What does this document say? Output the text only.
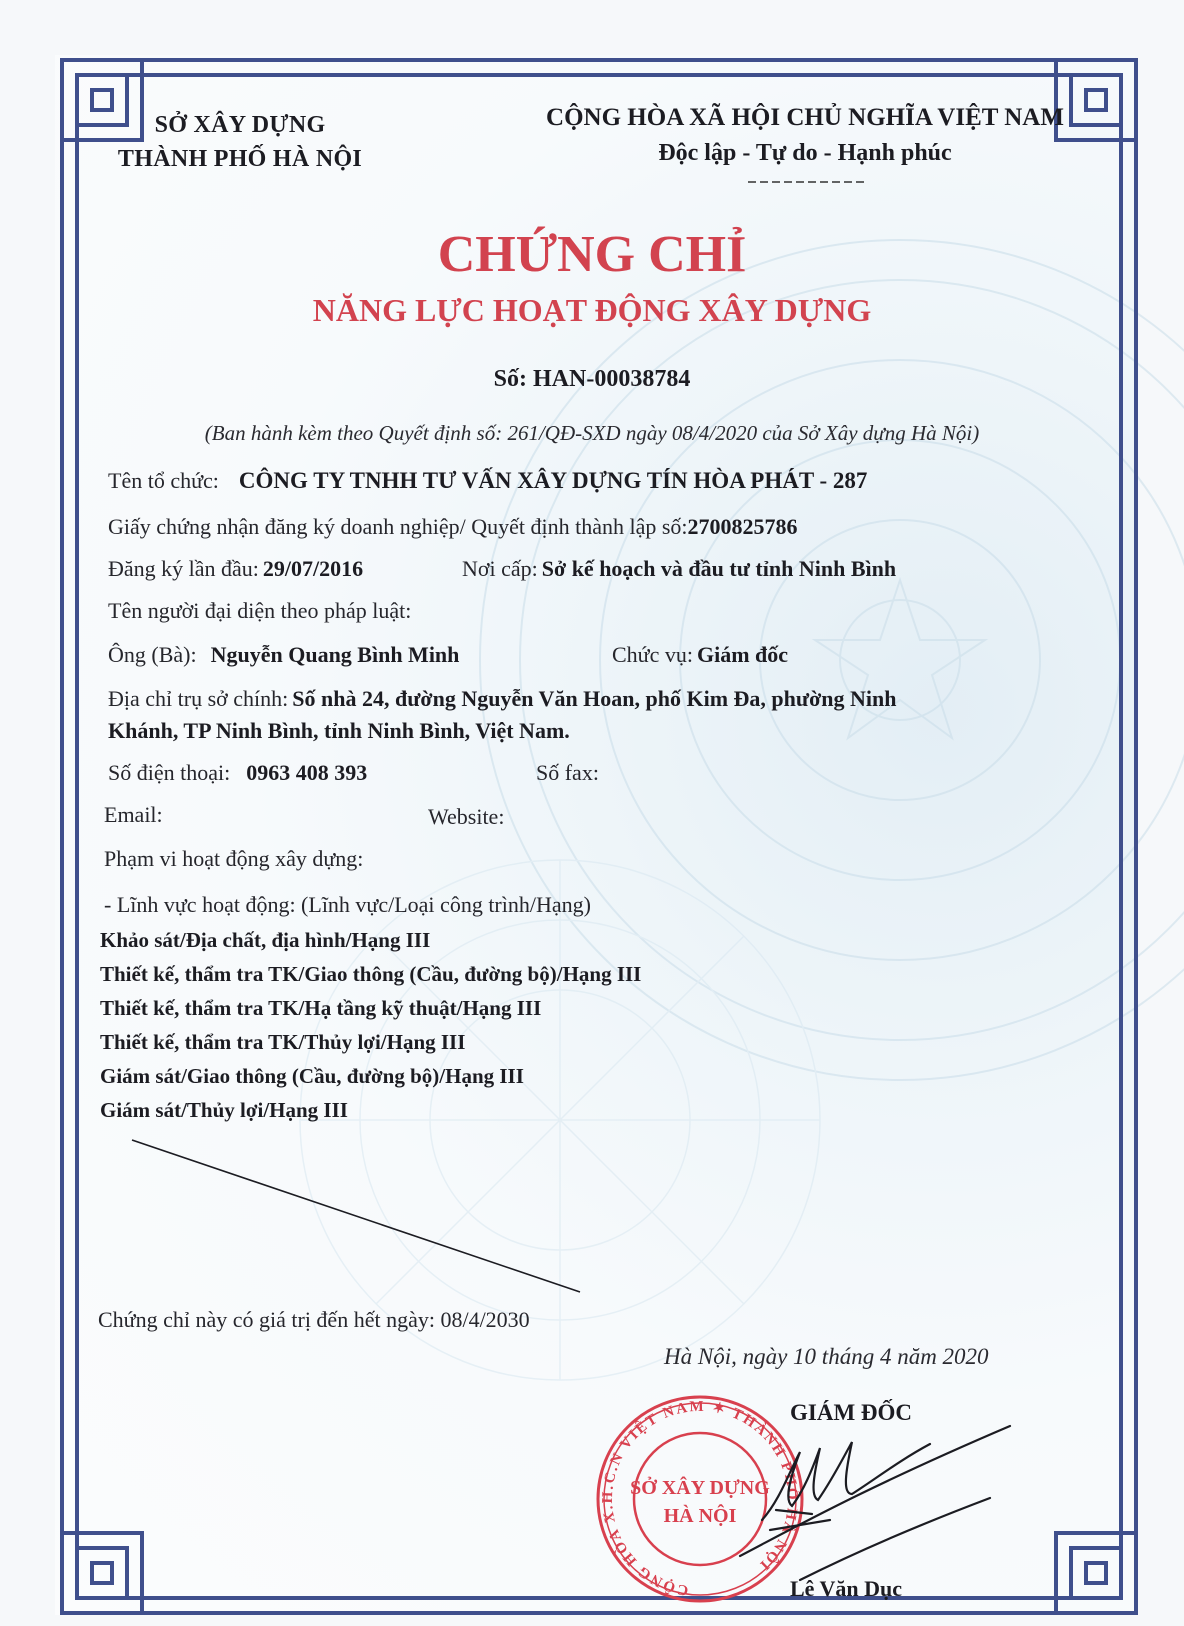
SỞ XÂY DỰNG
THÀNH PHỐ HÀ NỘI
CỘNG HÒA XÃ HỘI CHỦ NGHĨA VIỆT NAM
Độc lập - Tự do - Hạnh phúc
CHỨNG CHỈ
NĂNG LỰC HOẠT ĐỘNG XÂY DỰNG
Số: HAN-00038784
(Ban hành kèm theo Quyết định số: 261/QĐ-SXD ngày 08/4/2020 của Sở Xây dựng Hà Nội)
Tên tổ chức: CÔNG TY TNHH TƯ VẤN XÂY DỰNG TÍN HÒA PHÁT - 287
Giấy chứng nhận đăng ký doanh nghiệp/ Quyết định thành lập số:2700825786
Đăng ký lần đầu: 29/07/2016	Nơi cấp: Sở kế hoạch và đầu tư tỉnh Ninh Bình
Tên người đại diện theo pháp luật:
Ông (Bà): Nguyễn Quang Bình Minh	Chức vụ: Giám đốc
Địa chỉ trụ sở chính: Số nhà 24, đường Nguyễn Văn Hoan, phố Kim Đa, phường Ninh
Khánh, TP Ninh Bình, tỉnh Ninh Bình, Việt Nam.
Số điện thoại: 0963 408 393	Số fax:
Email:	Website:
Phạm vi hoạt động xây dựng:
- Lĩnh vực hoạt động: (Lĩnh vực/Loại công trình/Hạng)
Khảo sát/Địa chất, địa hình/Hạng III
Thiết kế, thẩm tra TK/Giao thông (Cầu, đường bộ)/Hạng III
Thiết kế, thẩm tra TK/Hạ tầng kỹ thuật/Hạng III
Thiết kế, thẩm tra TK/Thủy lợi/Hạng III
Giám sát/Giao thông (Cầu, đường bộ)/Hạng III
Giám sát/Thủy lợi/Hạng III
Chứng chỉ này có giá trị đến hết ngày: 08/4/2030
Hà Nội, ngày 10 tháng 4 năm 2020
GIÁM ĐỐC
CỘNG HÒA X.H.C.N VIỆT NAM ✶ THÀNH PHỐ HÀ NỘI
SỞ XÂY DỰNG
HÀ NỘI
Lê Văn Dục
